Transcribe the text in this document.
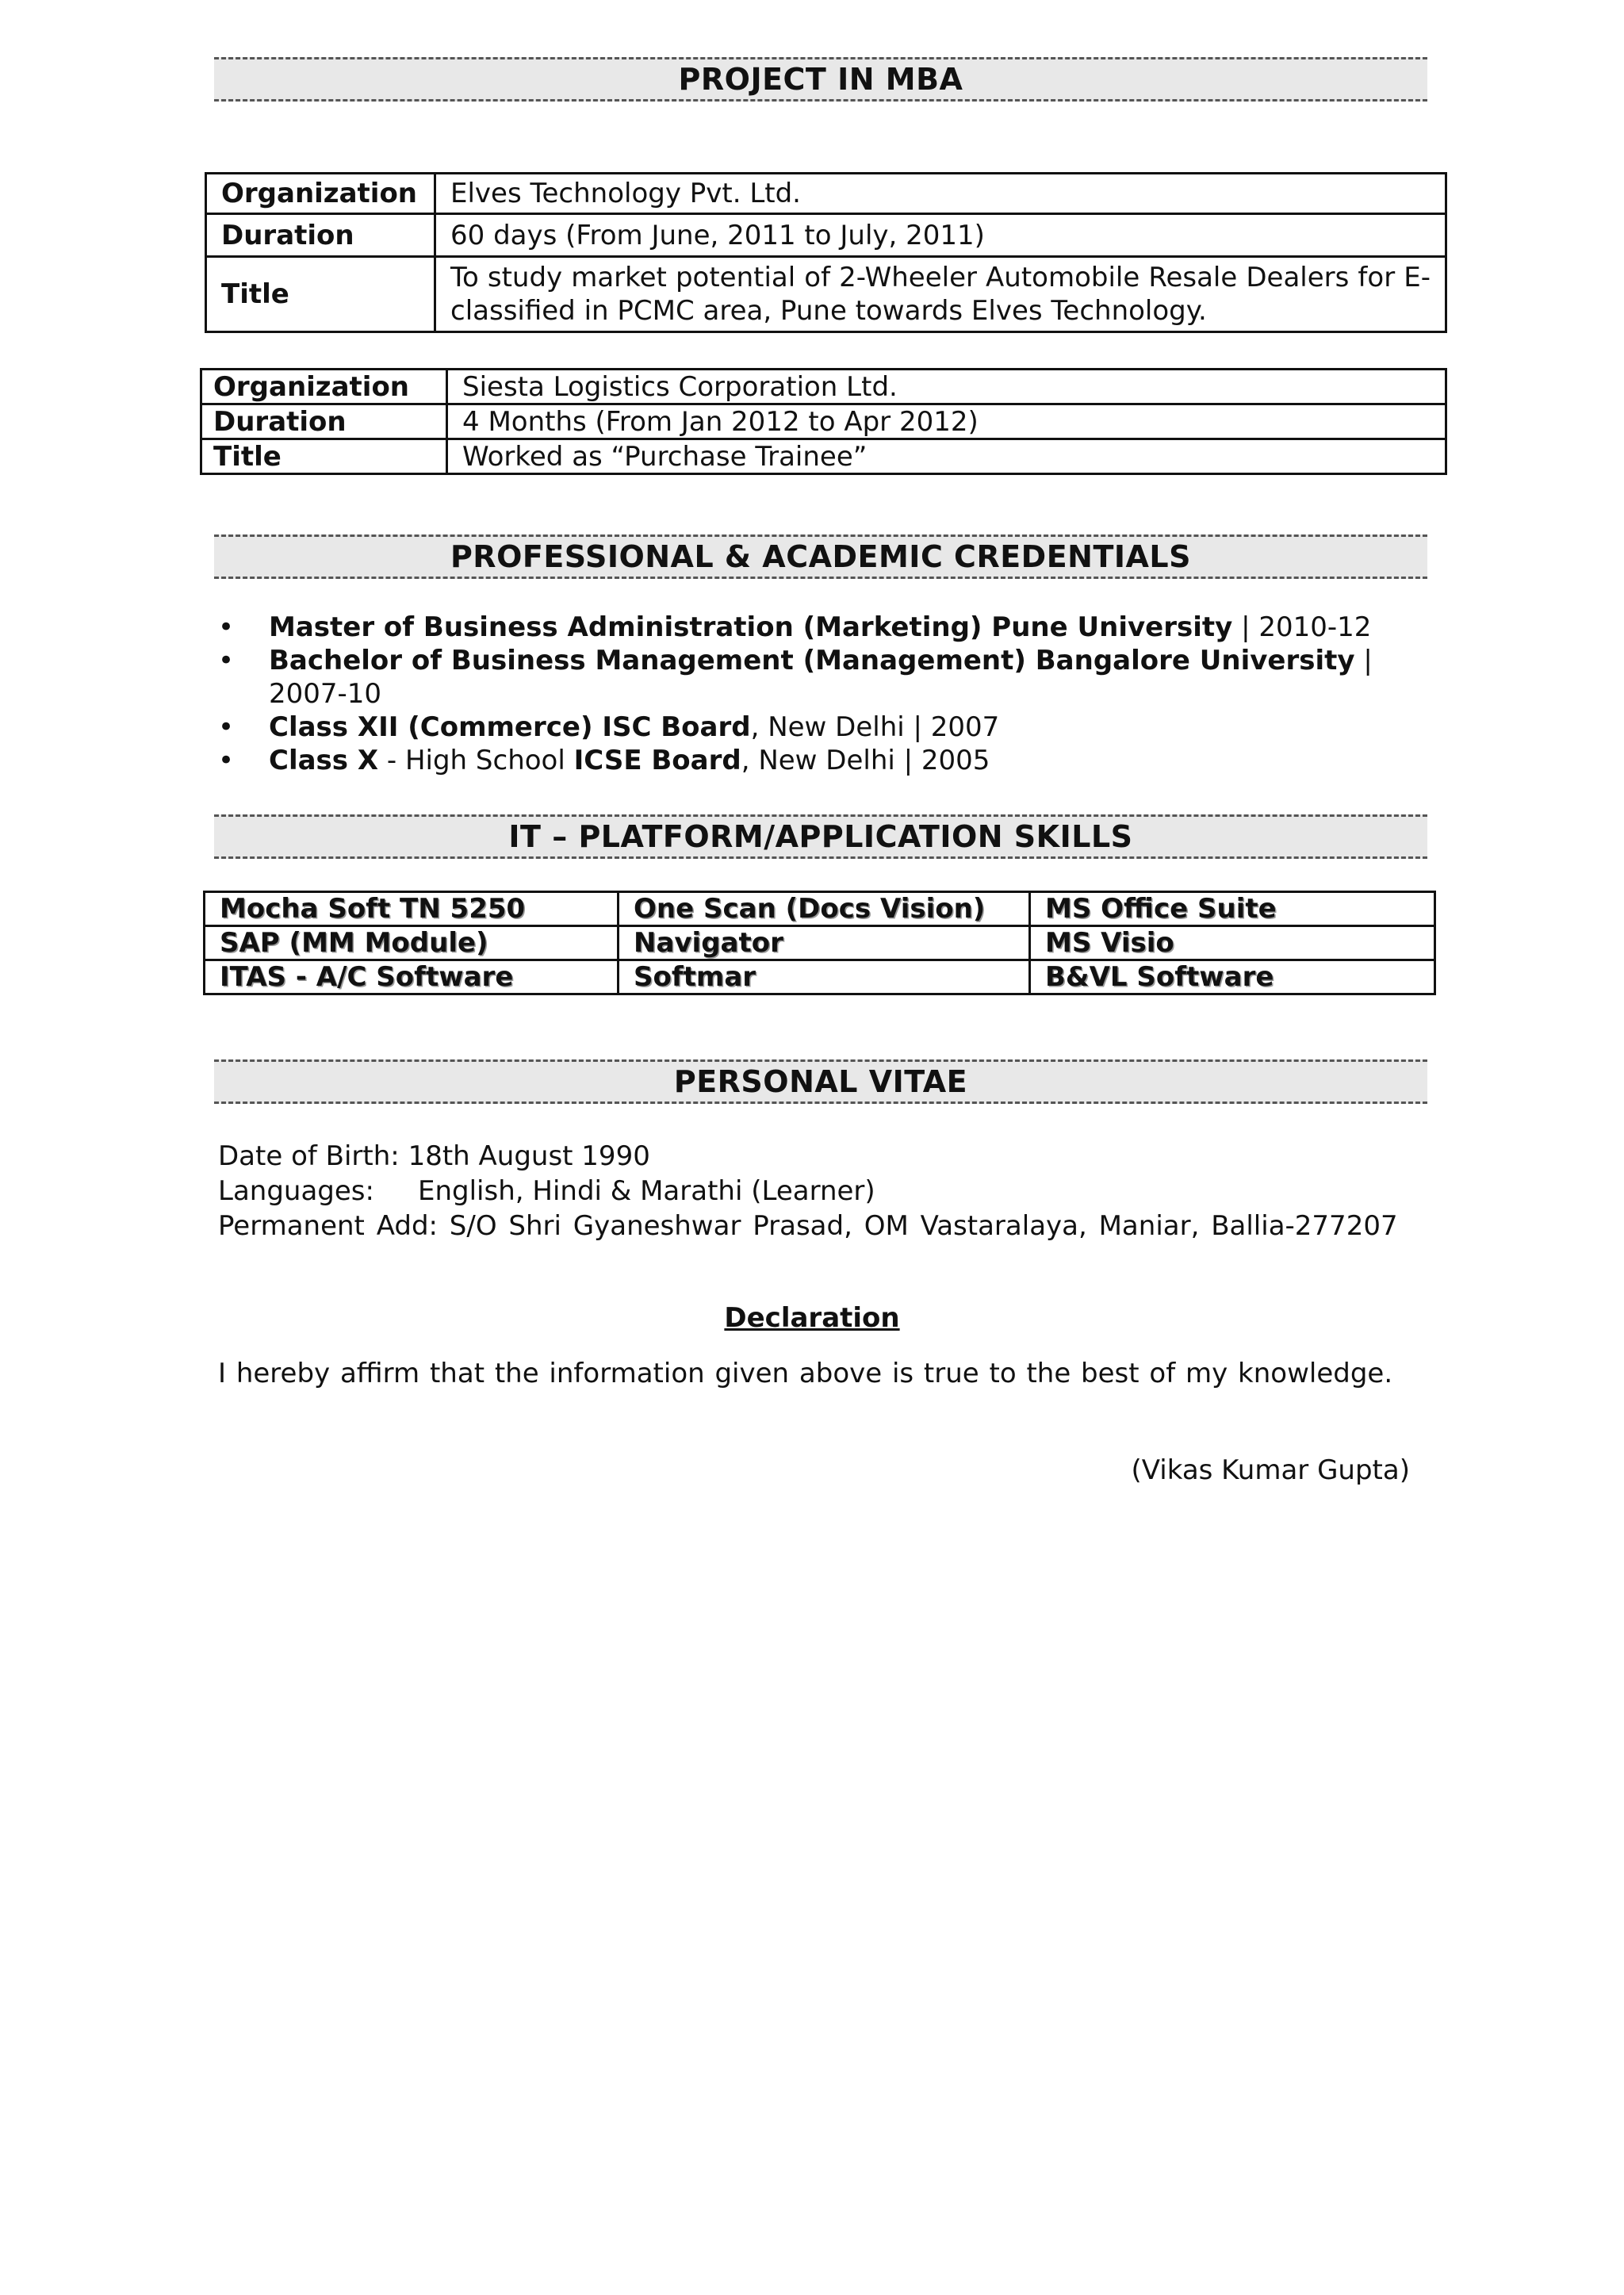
PROJECT IN MBA
Organization	Elves Technology Pvt. Ltd.
Duration	60 days (From June, 2011 to July, 2011)
Title	To study market potential of 2-Wheeler Automobile Resale Dealers for E-classified in PCMC area, Pune towards Elves Technology.
Organization	Siesta Logistics Corporation Ltd.
Duration	4 Months (From Jan 2012 to Apr 2012)
Title	Worked as “Purchase Trainee”
PROFESSIONAL & ACADEMIC CREDENTIALS
• Master of Business Administration (Marketing) Pune University | 2010-12
• Bachelor of Business Management (Management) Bangalore University | 2007-10
• Class XII (Commerce) ISC Board, New Delhi | 2007
• Class X - High School ICSE Board, New Delhi | 2005
IT – PLATFORM/APPLICATION SKILLS
Mocha Soft TN 5250	One Scan (Docs Vision)	MS Office Suite
SAP (MM Module)	Navigator	MS Visio
ITAS - A/C Software	Softmar	B&VL Software
PERSONAL VITAE
Date of Birth: 18th August 1990
Languages: English, Hindi & Marathi (Learner)
Permanent Add: S/O Shri Gyaneshwar Prasad, OM Vastaralaya, Maniar, Ballia-277207
Declaration
I hereby affirm that the information given above is true to the best of my knowledge.
(Vikas Kumar Gupta)
